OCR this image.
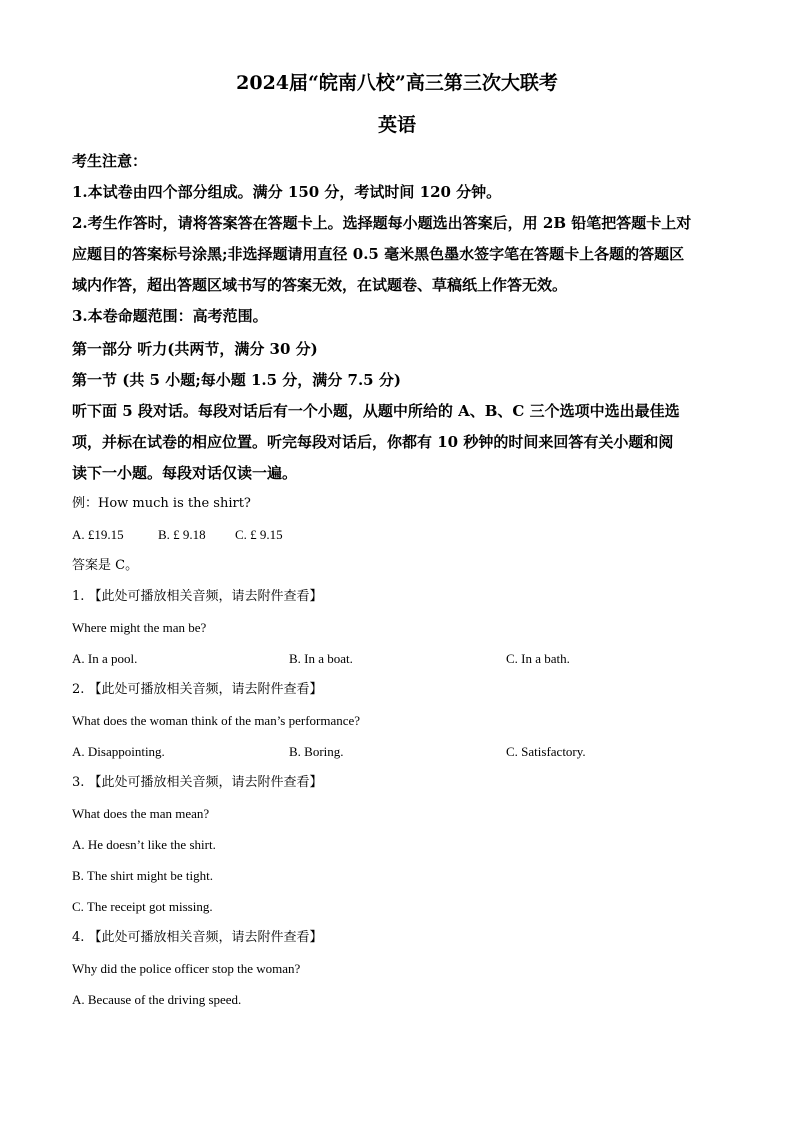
2024届“皖南八校”高三第三次大联考
英语
考生注意：
1.本试卷由四个部分组成。满分 150 分，考试时间 120 分钟。
2.考生作答时，请将答案答在答题卡上。选择题每小题选出答案后，用 2B 铅笔把答题卡上对
应题目的答案标号涂黑;非选择题请用直径 0.5 毫米黑色墨水签字笔在答题卡上各题的答题区
域内作答，超出答题区域书写的答案无效，在试题卷、草稿纸上作答无效。
3.本卷命题范围：高考范围。
第一部分 听力(共两节，满分 30 分)
第一节 (共 5 小题;每小题 1.5 分，满分 7.5 分)
听下面 5 段对话。每段对话后有一个小题，从题中所给的 A、B、C 三个选项中选出最佳选
项，并标在试卷的相应位置。听完每段对话后，你都有 10 秒钟的时间来回答有关小题和阅
读下一小题。每段对话仅读一遍。
例：How much is the shirt?
A. £19.15	B. £ 9.18 C. £ 9.15
答案是 C。
1. 【此处可播放相关音频，请去附件查看】
Where might the man be?
A. In a pool.	B. In a boat.	C. In a bath.
2. 【此处可播放相关音频，请去附件查看】
What does the woman think of the man’s performance?
A. Disappointing.	B. Boring.	C. Satisfactory.
3. 【此处可播放相关音频，请去附件查看】
What does the man mean?
A. He doesn’t like the shirt.
B. The shirt might be tight.
C. The receipt got missing.
4. 【此处可播放相关音频，请去附件查看】
Why did the police officer stop the woman?
A. Because of the driving speed.
